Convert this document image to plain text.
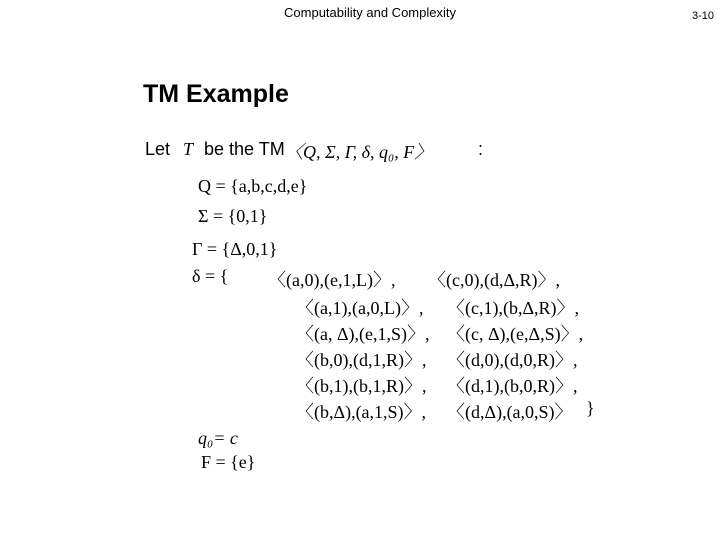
Computability and Complexity	3-10
TM Example
Let T be the TM 〈Q, Σ, Γ, δ, q₀, F〉	:
Q = {a,b,c,d,e}
Σ = {0,1}
Γ = {Δ,0,1}
δ = { 〈(a,0),(e,1,L)〉, 〈(c,0),(d,Δ,R)〉,
〈(a,1),(a,0,L)〉, 〈(c,1),(b,Δ,R)〉,
〈(a, Δ),(e,1,S)〉, 〈(c, Δ),(e,Δ,S)〉,
〈(b,0),(d,1,R)〉, 〈(d,0),(d,0,R)〉,
〈(b,1),(b,1,R)〉, 〈(d,1),(b,0,R)〉,
〈(b,Δ),(a,1,S)〉, 〈(d,Δ),(a,0,S)〉 }
q₀= c
F = {e}
